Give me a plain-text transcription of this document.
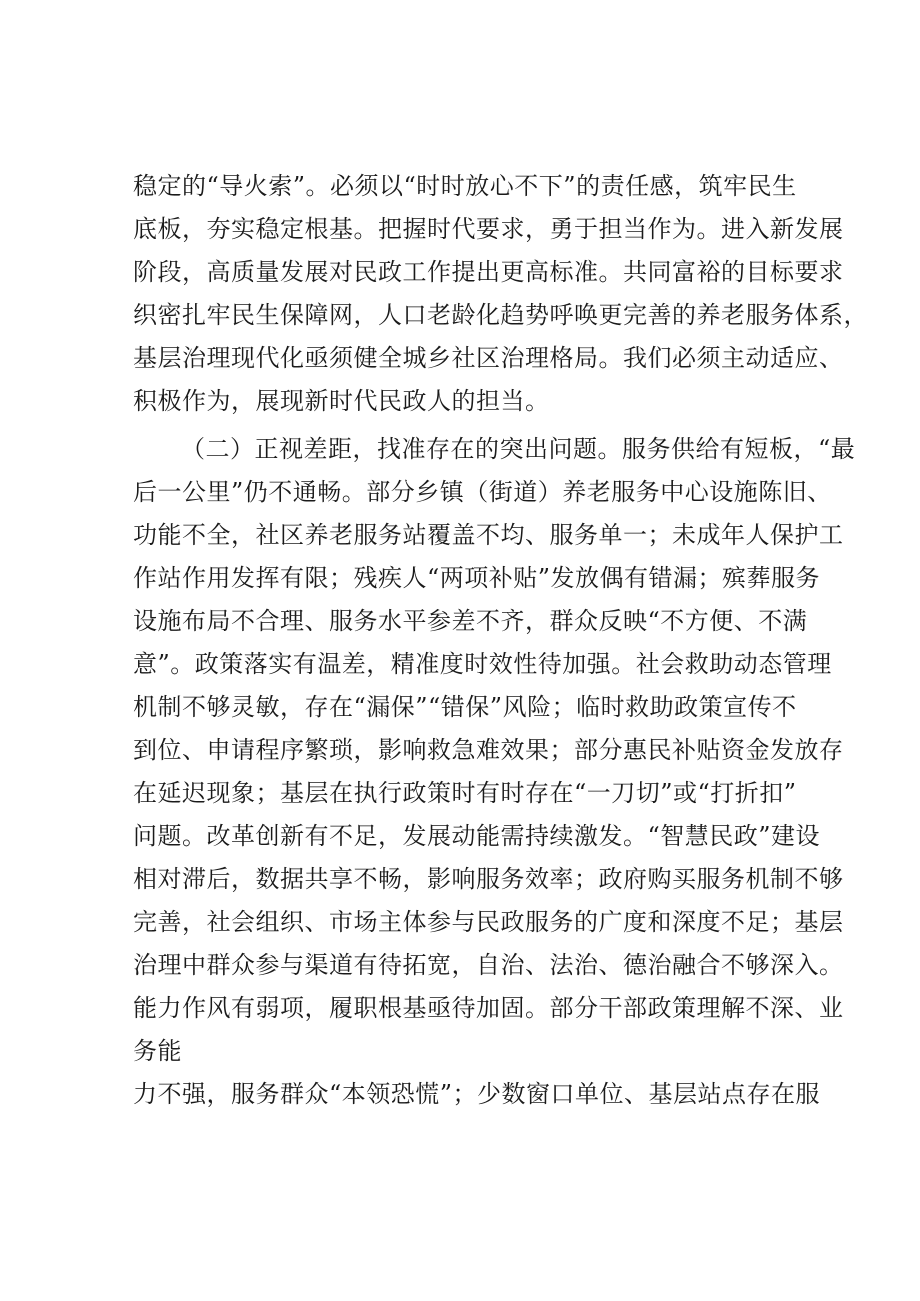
稳定的“导火索”。必须以“时时放心不下”的责任感，筑牢民生

底板，夯实稳定根基。把握时代要求，勇于担当作为。进入新发展

阶段，高质量发展对民政工作提出更高标准。共同富裕的目标要求

织密扎牢民生保障网，人口老龄化趋势呼唤更完善的养老服务体系，

基层治理现代化亟须健全城乡社区治理格局。我们必须主动适应、

积极作为，展现新时代民政人的担当。

（二）正视差距，找准存在的突出问题。服务供给有短板，“最

后一公里”仍不通畅。部分乡镇（街道）养老服务中心设施陈旧、

功能不全，社区养老服务站覆盖不均、服务单一；未成年人保护工

作站作用发挥有限；残疾人“两项补贴”发放偶有错漏；殡葬服务

设施布局不合理、服务水平参差不齐，群众反映“不方便、不满

意”。政策落实有温差，精准度时效性待加强。社会救助动态管理

机制不够灵敏，存在“漏保”“错保”风险；临时救助政策宣传不

到位、申请程序繁琐，影响救急难效果；部分惠民补贴资金发放存

在延迟现象；基层在执行政策时有时存在“一刀切”或“打折扣”

问题。改革创新有不足，发展动能需持续激发。“智慧民政”建设

相对滞后，数据共享不畅，影响服务效率；政府购买服务机制不够

完善，社会组织、市场主体参与民政服务的广度和深度不足；基层

治理中群众参与渠道有待拓宽，自治、法治、德治融合不够深入。

能力作风有弱项，履职根基亟待加固。部分干部政策理解不深、业

务能

力不强，服务群众“本领恐慌”；少数窗口单位、基层站点存在服
